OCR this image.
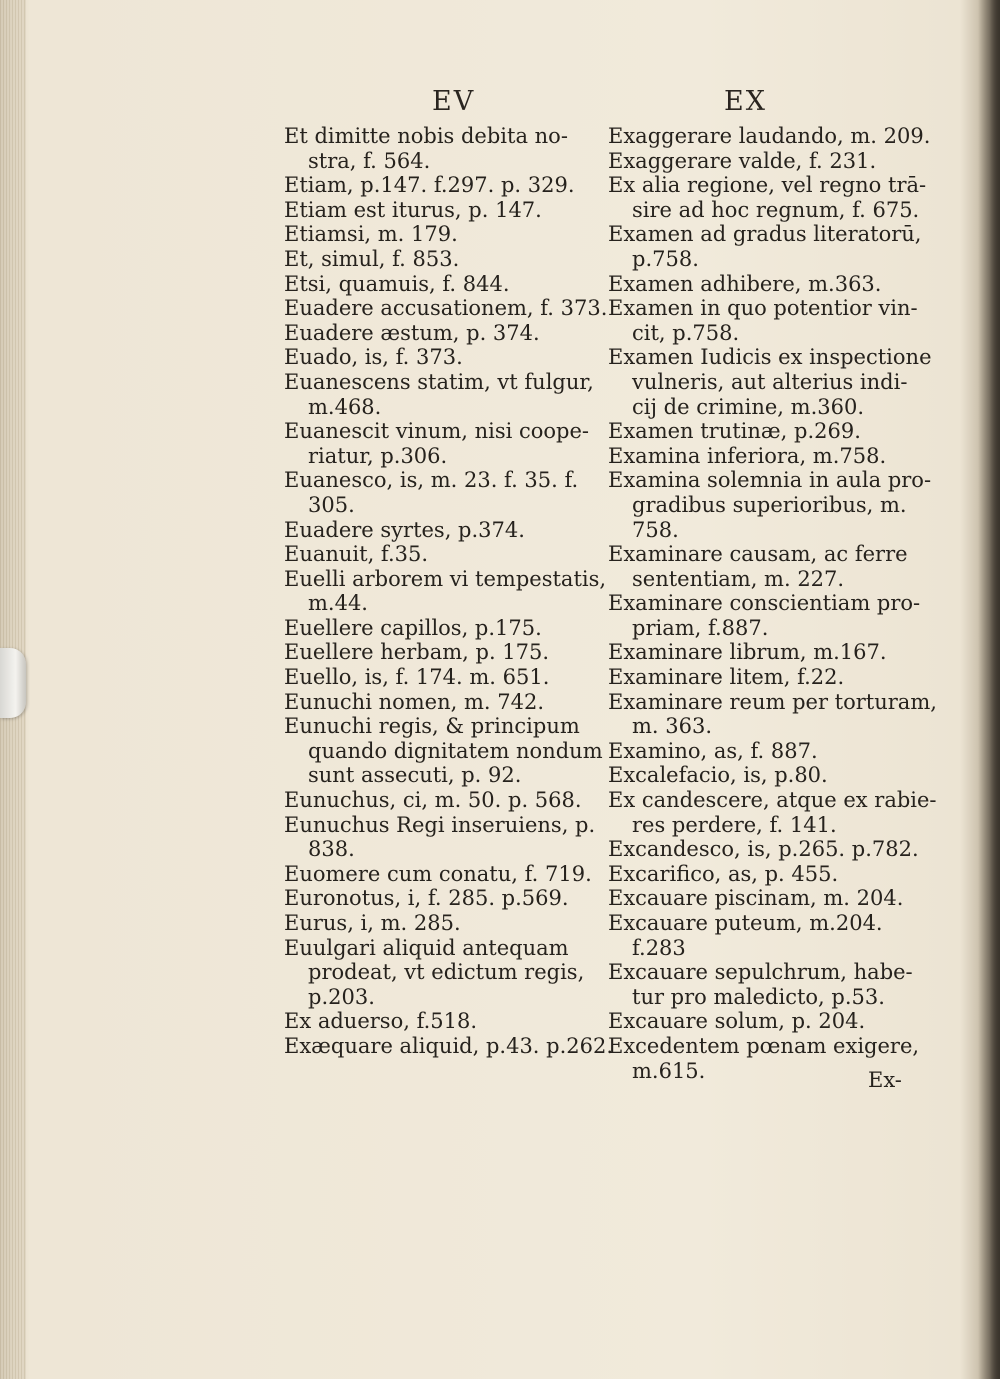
EV	EX

Et dimitte nobis debita no- stra, f. 564.

Etiam, p.147. f.297. p. 329.

Etiam est iturus, p. 147.

Etiamsi, m. 179.

Et, simul, f. 853.

Etsi, quamuis, f. 844.

Euadere accusationem, f. 373.

Euadere æstum, p. 374.

Euado, is, f. 373.

Euanescens statim, vt fulgur, m.468.

Euanescit vinum, nisi coope- riatur, p.306.

Euanesco, is, m. 23. f. 35. f. 305.

Euadere syrtes, p.374.

Euanuit, f.35.

Euelli arborem vi tempestatis, m.44.

Euellere capillos, p.175.

Euellere herbam, p. 175.

Euello, is, f. 174. m. 651.

Eunuchi nomen, m. 742.

Eunuchi regis, & principum quando dignitatem nondum sunt assecuti, p. 92.

Eunuchus, ci, m. 50. p. 568.

Eunuchus Regi inseruiens, p. 838.

Euomere cum conatu, f. 719.

Euronotus, i, f. 285. p.569.

Eurus, i, m. 285.

Euulgari aliquid antequam prodeat, vt edictum regis, p.203.

Ex aduerso, f.518.

Exæquare aliquid, p.43. p.262.

Exaggerare laudando, m. 209.

Exaggerare valde, f. 231.

Ex alia regione, vel regno trā- sire ad hoc regnum, f. 675.

Examen ad gradus literatorū, p.758.

Examen adhibere, m.363.

Examen in quo potentior vin- cit, p.758.

Examen Iudicis ex inspectione vulneris, aut alterius indi- cij de crimine, m.360.

Examen trutinæ, p.269.

Examina inferiora, m.758.

Examina solemnia in aula pro- gradibus superioribus, m. 758.

Examinare causam, ac ferre sententiam, m. 227.

Examinare conscientiam pro- priam, f.887.

Examinare librum, m.167.

Examinare litem, f.22.

Examinare reum per torturam, m. 363.

Examino, as, f. 887.

Excalefacio, is, p.80.

Ex candescere, atque ex rabie- res perdere, f. 141.

Excandesco, is, p.265. p.782.

Excarifico, as, p. 455.

Excauare piscinam, m. 204.

Excauare puteum, m.204. f.283

Excauare sepulchrum, habe- tur pro maledicto, p.53.

Excauare solum, p. 204.

Excedentem pœnam exigere, m.615.	Ex-
